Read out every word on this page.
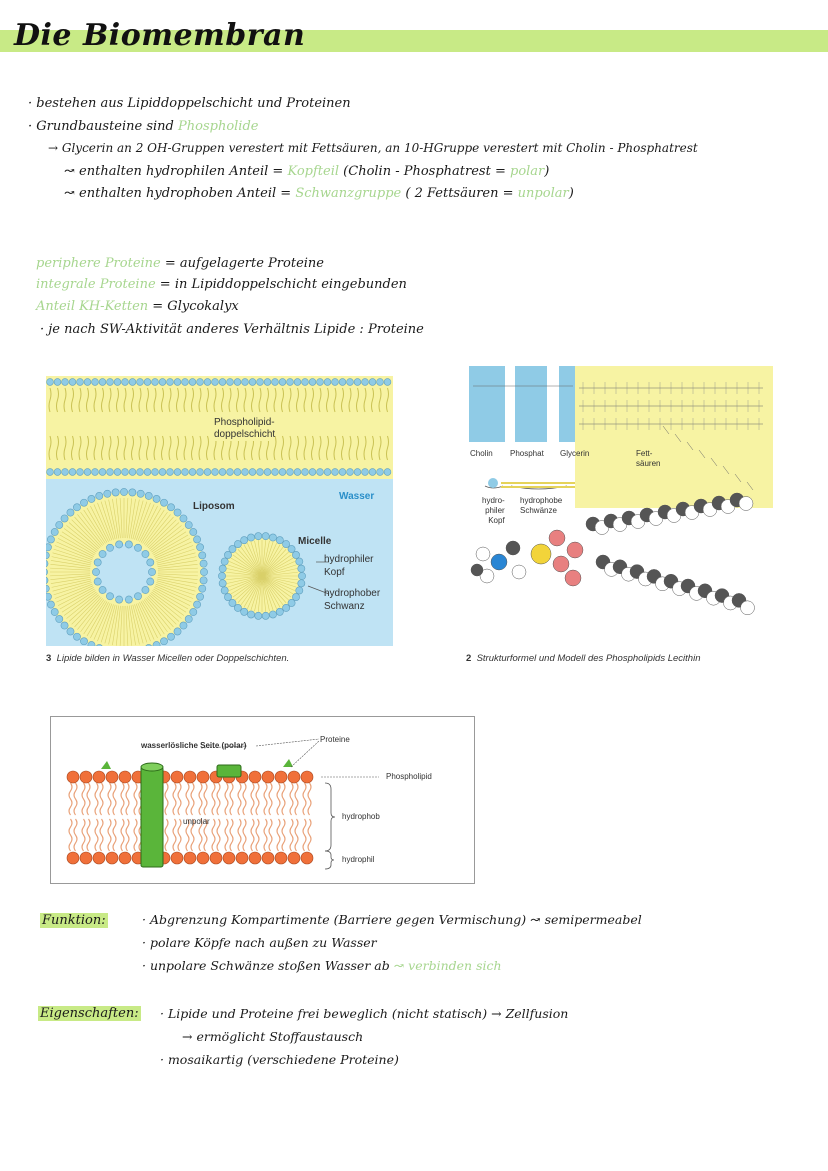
Die Biomembran
· bestehen aus Lipiddoppelschicht und Proteinen
· Grundbausteine sind Phospholide
→ Glycerin an 2 OH-Gruppen verestert mit Fettsäuren, an 10-HGruppe verestert mit Cholin - Phosphatrest
↝ enthalten hydrophilen Anteil = Kopfteil (Cholin - Phosphatrest = polar)
↝ enthalten hydrophoben Anteil = Schwanzgruppe ( 2 Fettsäuren = unpolar)
periphere Proteine = aufgelagerte Proteine
integrale Proteine = in Lipiddoppelschicht eingebunden
Anteil KH-Ketten = Glycokalyx
· je nach SW-Aktivität anderes Verhältnis Lipide : Proteine
Phospholipid-
doppelschicht
Wasser
Liposom
Micelle
hydrophiler
Kopf
hydrophober
Schwanz
3 Lipide bilden in Wasser Micellen oder Doppelschichten.
Cholin Phosphat Glycerin	Fett-
säuren
hydro-
philer
Kopf
hydrophobe
Schwänze
2 Strukturformel und Modell des Phospholipids Lecithin
wasserlösliche Seite (polar)
Proteine
Phospholipid
unpolar
hydrophob
hydrophil
Funktion:	· Abgrenzung Kompartimente (Barriere gegen Vermischung) ↝ semipermeabel
· polare Köpfe nach außen zu Wasser
· unpolare Schwänze stoßen Wasser ab ↝ verbinden sich
Eigenschaften: · Lipide und Proteine frei beweglich (nicht statisch) → Zellfusion
→ ermöglicht Stoffaustausch
· mosaikartig (verschiedene Proteine)
